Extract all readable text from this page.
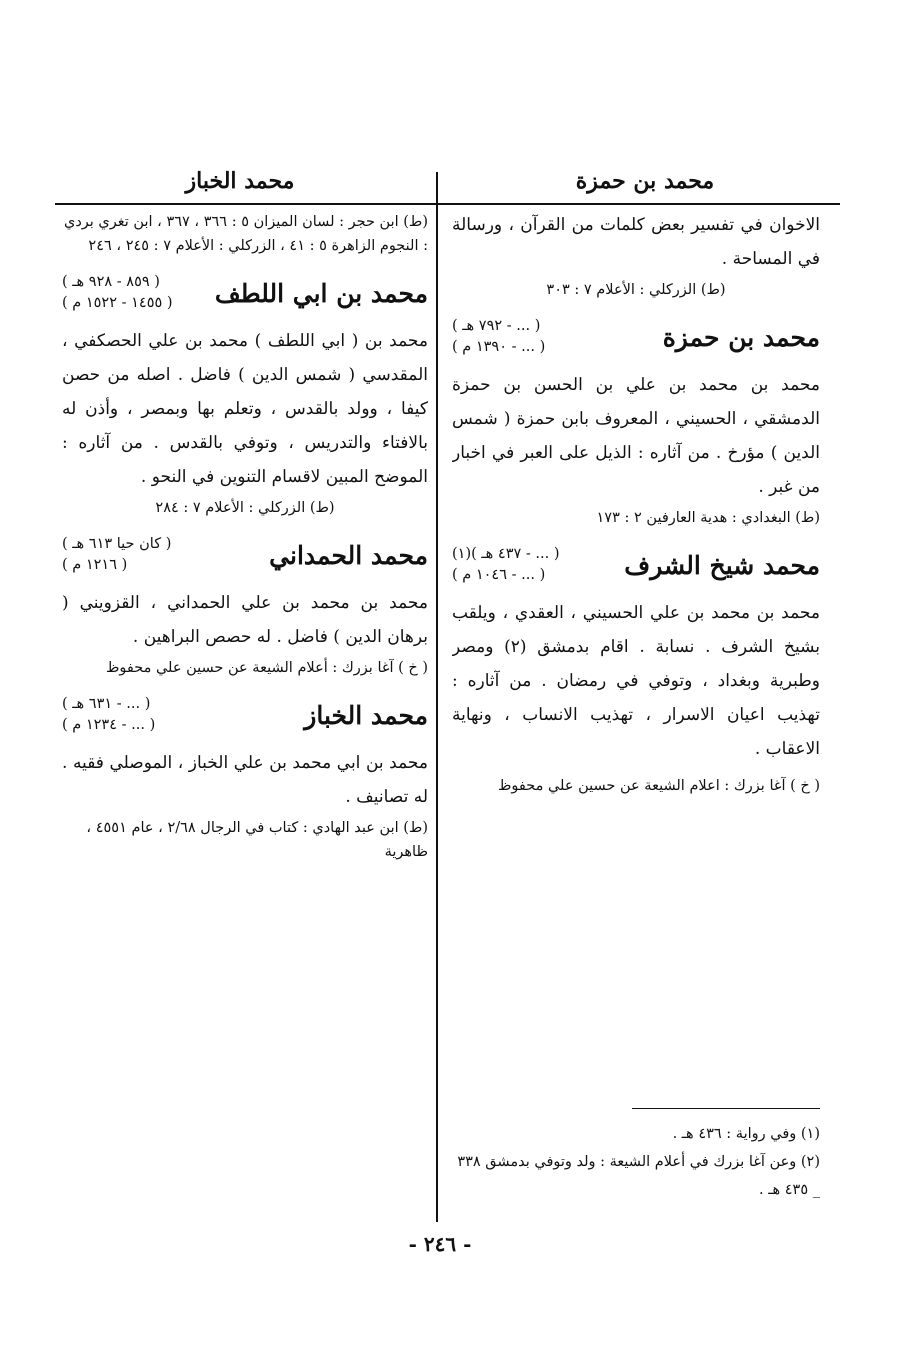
محمد بن حمزة
محمد الخباز

الاخوان في تفسير بعض كلمات من القرآن ، ورسالة في المساحة .

(ط) الزركلي : الأعلام ٧ : ٣٠٣

محمد بن حمزة
( ... - ٧٩٢ هـ )
( ... - ١٣٩٠ م )

محمد بن محمد بن علي بن الحسن بن حمزة الدمشقي ، الحسيني ، المعروف بابن حمزة ( شمس الدين ) مؤرخ . من آثاره : الذيل على العبر في اخبار من غبر .

(ط) البغدادي : هدية العارفين ٢ : ١٧٣

محمد شيخ الشرف
( ... - ٤٣٧ هـ )(١)
( ... - ١٠٤٦ م )

محمد بن محمد بن علي الحسيني ، العقدي ، ويلقب بشيخ الشرف . نسابة . اقام بدمشق (٢) ومصر وطبرية وبغداد ، وتوفي في رمضان . من آثاره : تهذيب اعيان الاسرار ، تهذيب الانساب ، ونهاية الاعقاب .

( خ ) آغا بزرك : اعلام الشيعة عن حسين علي محفوظ

(١) وفي رواية : ٤٣٦ هـ .

(٢) وعن آغا بزرك في أعلام الشيعة : ولد وتوفي بدمشق ٣٣٨ _ ٤٣٥ هـ .

(ط) ابن حجر : لسان الميزان ٥ : ٣٦٦ ، ٣٦٧ ، ابن تغري بردي : النجوم الزاهرة ٥ : ٤١ ، الزركلي : الأعلام ٧ : ٢٤٥ ، ٢٤٦

محمد بن ابي اللطف
( ٨٥٩ - ٩٢٨ هـ )
( ١٤٥٥ - ١٥٢٢ م )

محمد بن ( ابي اللطف ) محمد بن علي الحصكفي ، المقدسي ( شمس الدين ) فاضل . اصله من حصن كيفا ، وولد بالقدس ، وتعلم بها وبمصر ، وأذن له بالافتاء والتدريس ، وتوفي بالقدس . من آثاره : الموضح المبين لاقسام التنوين في النحو .

(ط) الزركلي : الأعلام ٧ : ٢٨٤

محمد الحمداني
( كان حيا ٦١٣ هـ )
( ١٢١٦ م )

محمد بن محمد بن علي الحمداني ، القزويني ( برهان الدين ) فاضل . له حصص البراهين .

( خ ) آغا بزرك : أعلام الشيعة عن حسين علي محفوظ

محمد الخباز
( ... - ٦٣١ هـ )
( ... - ١٢٣٤ م )

محمد بن ابي محمد بن علي الخباز ، الموصلي فقيه . له تصانيف .

(ط) ابن عبد الهادي : كتاب في الرجال ٢/٦٨ ، عام ٤٥٥١ ، ظاهرية

- ٢٤٦ -
